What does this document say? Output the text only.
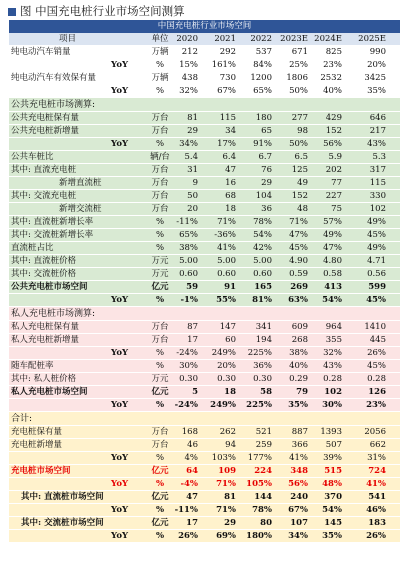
图 中国充电桩行业市场空间测算
中国充电桩行业市场空间
项目	单位 2020 2021 2022 2023E 2024E 2025E
纯电动汽车销量	万辆	212	292 537 671 825	990
YoY	%	15% 161% 84% 25% 23%	20%
纯电动汽车有效保有量	万辆	438	730 1200 1806 2532	3425
YoY	%	32% 67% 65% 50% 40%	35%
公共充电桩市场测算:
公共充电桩保有量	万台	81	115 180 277 429	646
公共充电桩新增量	万台	29	34	65	98 152	217
YoY	%	34% 17% 91% 50% 56%	43%
公共车桩比	辆/台	5.4	6.4	6.7	6.5 5.9	5.3
其中: 直流充电桩	万台	31	47	76 125 202	317
新增直流桩	万台	9	16	29	49	77	115
其中: 交流充电桩	万台	50	68 104 152 227	330
新增交流桩	万台	20	18	36	48	75	102
其中: 直流桩新增长率	%	-11% 71% 78% 71% 57%	49%
其中: 交流桩新增长率	%	65% -36% 54% 47% 49%	45%
直流桩占比	%	38% 41% 42% 45% 47%	49%
其中: 直流桩价格	万元	5.00 5.00 5.00 4.90 4.80	4.71
其中: 交流桩价格	万元	0.60 0.60 0.60 0.59 0.58	0.56
公共充电桩市场空间	亿元	59	91 165 269 413	599
YoY	%	-1% 55% 81% 63% 54%	45%
私人充电桩市场测算:
私人充电桩保有量	万台	87	147 341 609 964	1410
私人充电桩新增量	万台	17	60 194 268 355	445
YoY	%	-24% 249% 225% 38% 32%	26%
随车配桩率	%	30% 20% 36% 40% 43%	45%
其中: 私人桩价格	万元	0.30 0.30 0.30 0.29 0.28	0.28
私人充电桩市场空间	亿元	5	18	58	79 102	126
YoY	%	-24% 249% 225% 35% 30%	23%
合计:
充电桩保有量	万台	168	262 521 887 1393	2056
充电桩新增量	万台	46	94 259 366 507	662
YoY	%	4% 103% 177% 41% 39%	31%
充电桩市场空间	亿元	64 109 224 348 515	724
YoY	%	-4% 71% 105% 56% 48%	41%
其中: 直流桩市场空间	亿元	47	81 144 240 370	541
YoY	%	-11% 71% 78% 67% 54%	46%
其中: 交流桩市场空间	亿元	17	29	80 107 145	183
YoY	%	26% 69% 180% 34% 35%	26%
